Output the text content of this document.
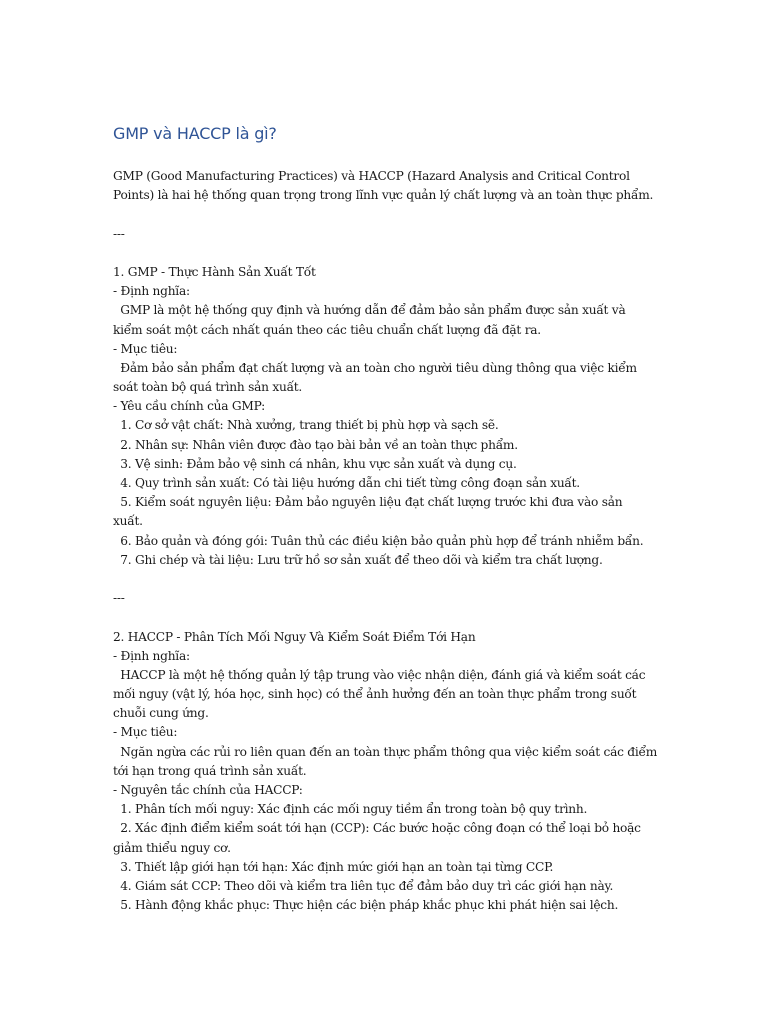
GMP và HACCP là gì?
GMP (Good Manufacturing Practices) và HACCP (Hazard Analysis and Critical Control
Points) là hai hệ thống quan trọng trong lĩnh vực quản lý chất lượng và an toàn thực phẩm.
---
1. GMP - Thực Hành Sản Xuất Tốt
- Định nghĩa:
GMP là một hệ thống quy định và hướng dẫn để đảm bảo sản phẩm được sản xuất và
kiểm soát một cách nhất quán theo các tiêu chuẩn chất lượng đã đặt ra.
- Mục tiêu:
Đảm bảo sản phẩm đạt chất lượng và an toàn cho người tiêu dùng thông qua việc kiểm
soát toàn bộ quá trình sản xuất.
- Yêu cầu chính của GMP:
1. Cơ sở vật chất: Nhà xưởng, trang thiết bị phù hợp và sạch sẽ.
2. Nhân sự: Nhân viên được đào tạo bài bản về an toàn thực phẩm.
3. Vệ sinh: Đảm bảo vệ sinh cá nhân, khu vực sản xuất và dụng cụ.
4. Quy trình sản xuất: Có tài liệu hướng dẫn chi tiết từng công đoạn sản xuất.
5. Kiểm soát nguyên liệu: Đảm bảo nguyên liệu đạt chất lượng trước khi đưa vào sản
xuất.
6. Bảo quản và đóng gói: Tuân thủ các điều kiện bảo quản phù hợp để tránh nhiễm bẩn.
7. Ghi chép và tài liệu: Lưu trữ hồ sơ sản xuất để theo dõi và kiểm tra chất lượng.
---
2. HACCP - Phân Tích Mối Nguy Và Kiểm Soát Điểm Tới Hạn
- Định nghĩa:
HACCP là một hệ thống quản lý tập trung vào việc nhận diện, đánh giá và kiểm soát các
mối nguy (vật lý, hóa học, sinh học) có thể ảnh hưởng đến an toàn thực phẩm trong suốt
chuỗi cung ứng.
- Mục tiêu:
Ngăn ngừa các rủi ro liên quan đến an toàn thực phẩm thông qua việc kiểm soát các điểm
tới hạn trong quá trình sản xuất.
- Nguyên tắc chính của HACCP:
1. Phân tích mối nguy: Xác định các mối nguy tiềm ẩn trong toàn bộ quy trình.
2. Xác định điểm kiểm soát tới hạn (CCP): Các bước hoặc công đoạn có thể loại bỏ hoặc
giảm thiểu nguy cơ.
3. Thiết lập giới hạn tới hạn: Xác định mức giới hạn an toàn tại từng CCP.
4. Giám sát CCP: Theo dõi và kiểm tra liên tục để đảm bảo duy trì các giới hạn này.
5. Hành động khắc phục: Thực hiện các biện pháp khắc phục khi phát hiện sai lệch.
